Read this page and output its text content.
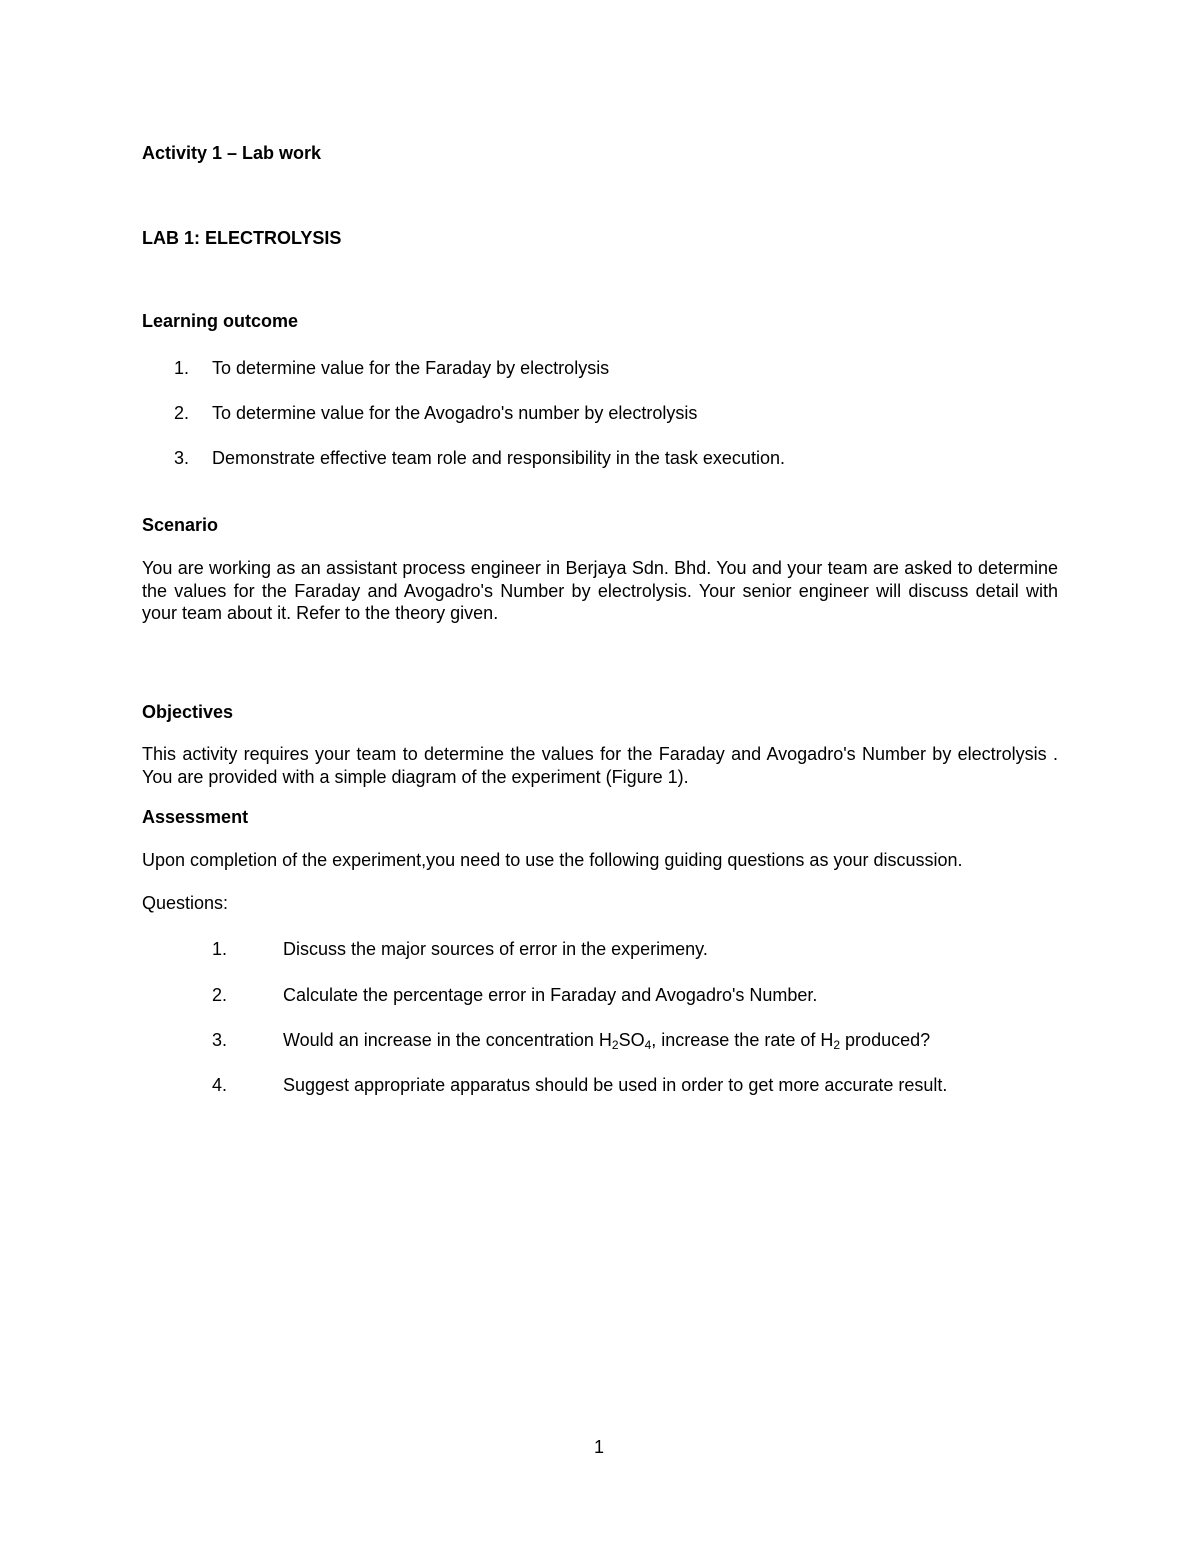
Activity 1 – Lab work
LAB 1: ELECTROLYSIS
Learning outcome
1. To determine value for the Faraday by electrolysis
2. To determine value for the Avogadro's number by electrolysis
3. Demonstrate effective team role and responsibility in the task execution.
Scenario
You are working as an assistant process engineer in Berjaya Sdn. Bhd. You and your team are asked to determine the values for the Faraday and Avogadro's Number by electrolysis. Your senior engineer will discuss detail with your team about it. Refer to the theory given.
Objectives
This activity requires your team to determine the values for the Faraday and Avogadro's Number by electrolysis . You are provided with a simple diagram of the experiment (Figure 1).
Assessment
Upon completion of the experiment,you need to use the following guiding questions as your discussion.
Questions:
1.	Discuss the major sources of error in the experimeny.
2.	Calculate the percentage error in Faraday and Avogadro's Number.
3.	Would an increase in the concentration $H_2SO_4$, increase the rate of $H_2$ produced?
4.	Suggest appropriate apparatus should be used in order to get more accurate result.
1
